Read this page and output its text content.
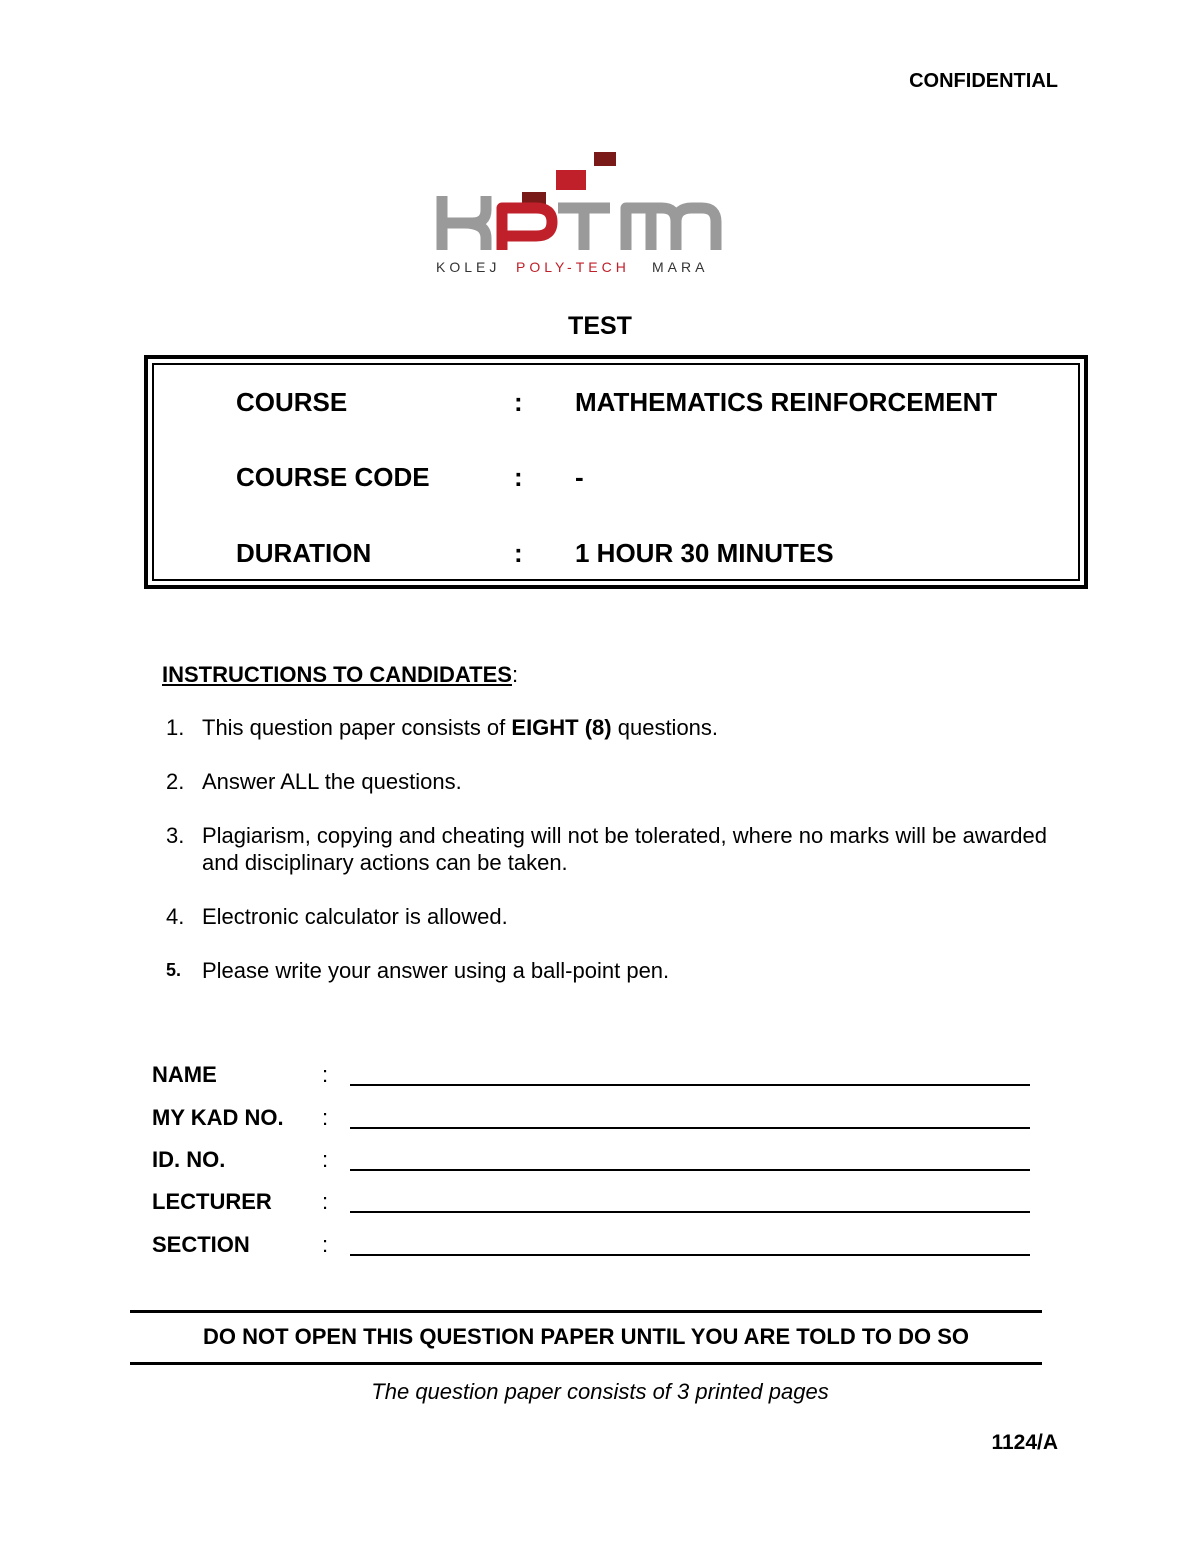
CONFIDENTIAL
KOLEJ POLY-TECH MARA
TEST
COURSE	: MATHEMATICS REINFORCEMENT
COURSE CODE	: -
DURATION	: 1 HOUR 30 MINUTES
INSTRUCTIONS TO CANDIDATES:
1. This question paper consists of EIGHT (8) questions.
2. Answer ALL the questions.
3. Plagiarism, copying and cheating will not be tolerated, where no marks will be awarded and disciplinary actions can be taken.
4. Electronic calculator is allowed.
5. Please write your answer using a ball-point pen.
NAME	:
MY KAD NO. :
ID. NO.	:
LECTURER :
SECTION	:
DO NOT OPEN THIS QUESTION PAPER UNTIL YOU ARE TOLD TO DO SO
The question paper consists of 3 printed pages
1124/A
